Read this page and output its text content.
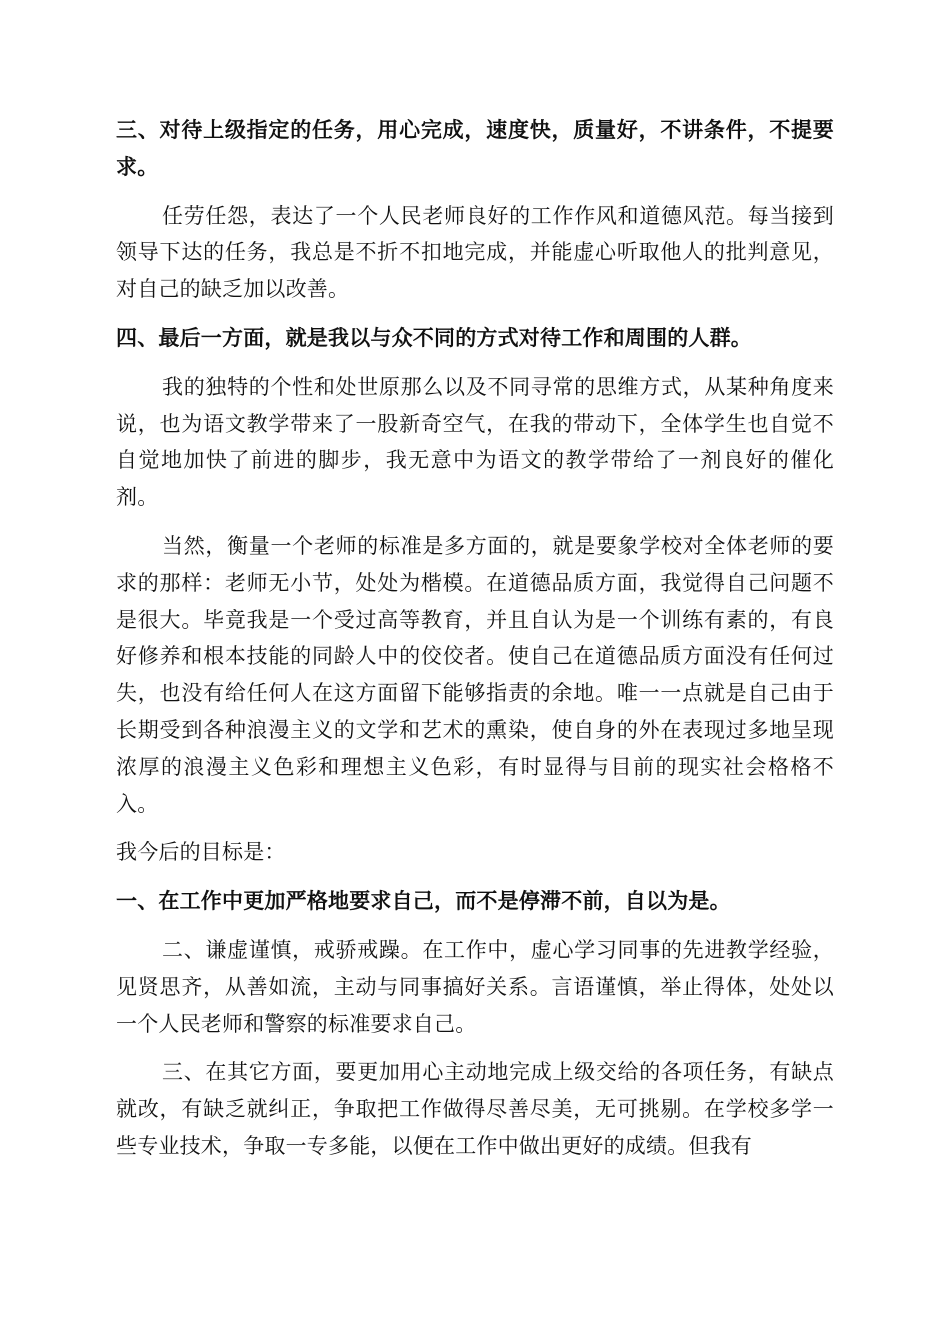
三、对待上级指定的任务，用心完成，速度快，质量好，不讲条件，不提要求。

任劳任怨，表达了一个人民老师良好的工作作风和道德风范。每当接到领导下达的任务，我总是不折不扣地完成，并能虚心听取他人的批判意见，对自己的缺乏加以改善。

四、最后一方面，就是我以与众不同的方式对待工作和周围的人群。

我的独特的个性和处世原那么以及不同寻常的思维方式，从某种角度来说，也为语文教学带来了一股新奇空气，在我的带动下，全体学生也自觉不自觉地加快了前进的脚步，我无意中为语文的教学带给了一剂良好的催化剂。

当然，衡量一个老师的标准是多方面的，就是要象学校对全体老师的要求的那样：老师无小节，处处为楷模。在道德品质方面，我觉得自己问题不是很大。毕竟我是一个受过高等教育，并且自认为是一个训练有素的，有良好修养和根本技能的同龄人中的佼佼者。使自己在道德品质方面没有任何过失，也没有给任何人在这方面留下能够指责的余地。唯一一点就是自己由于长期受到各种浪漫主义的文学和艺术的熏染，使自身的外在表现过多地呈现浓厚的浪漫主义色彩和理想主义色彩，有时显得与目前的现实社会格格不入。

我今后的目标是：

一、在工作中更加严格地要求自己，而不是停滞不前，自以为是。

二、谦虚谨慎，戒骄戒躁。在工作中，虚心学习同事的先进教学经验，见贤思齐，从善如流，主动与同事搞好关系。言语谨慎，举止得体，处处以一个人民老师和警察的标准要求自己。

三、在其它方面，要更加用心主动地完成上级交给的各项任务，有缺点就改，有缺乏就纠正，争取把工作做得尽善尽美，无可挑剔。在学校多学一些专业技术，争取一专多能，以便在工作中做出更好的成绩。但我有
